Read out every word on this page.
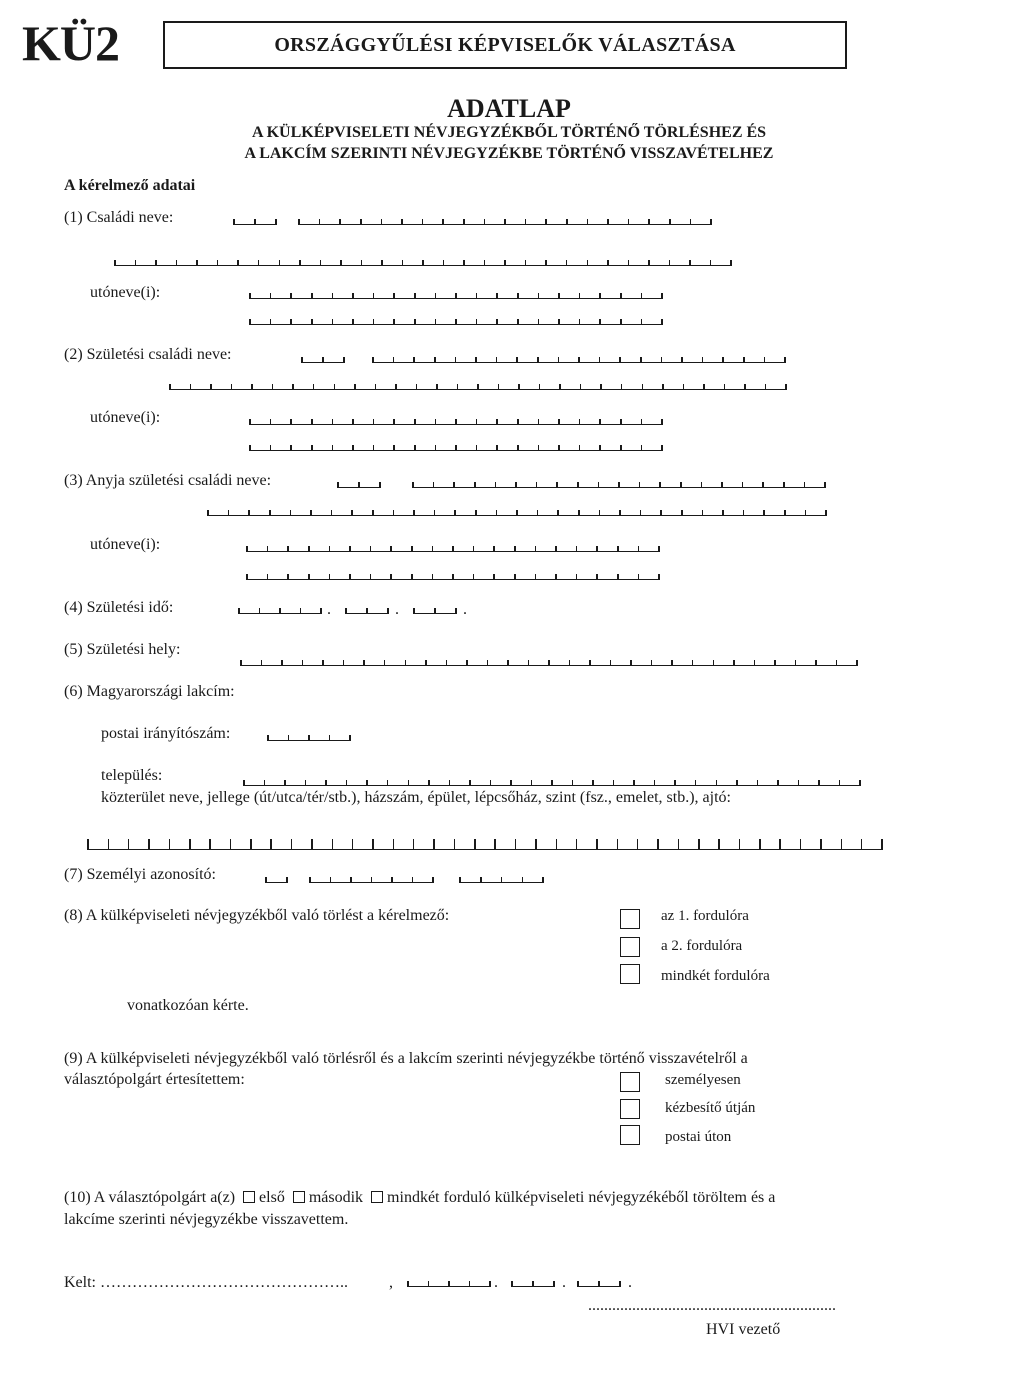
KÜ2	ORSZÁGGYŰLÉSI KÉPVISELŐK VÁLASZTÁSA
ADATLAP
A KÜLKÉPVISELETI NÉVJEGYZÉKBŐL TÖRTÉNŐ TÖRLÉSHEZ ÉS
A LAKCÍM SZERINTI NÉVJEGYZÉKBE TÖRTÉNŐ VISSZAVÉTELHEZ
A kérelmező adatai
(1) Családi neve:
utóneve(i):
(2) Születési családi neve:
utóneve(i):
(3) Anyja születési családi neve:
utóneve(i):
(4) Születési idő:	.	.	.
(5) Születési hely:
(6) Magyarországi lakcím:
postai irányítószám:
település:
közterület neve, jellege (út/utca/tér/stb.), házszám, épület, lépcsőház, szint (fsz., emelet, stb.), ajtó:
(7) Személyi azonosító:
(8) A külképviseleti névjegyzékből való törlést a kérelmező:	az 1. fordulóra
a 2. fordulóra
mindkét fordulóra
vonatkozóan kérte.
(9) A külképviseleti névjegyzékből való törlésről és a lakcím szerinti névjegyzékbe történő visszavételről a
választópolgárt értesítettem:	személyesen
kézbesítő útján
postai úton
(10) A választópolgárt a(z) első második mindkét forduló külképviseleti névjegyzékéből töröltem és a
lakcíme szerinti névjegyzékbe visszavettem.
Kelt: ………………………………………..	,	.	.	.
..............................................................
HVI vezető
